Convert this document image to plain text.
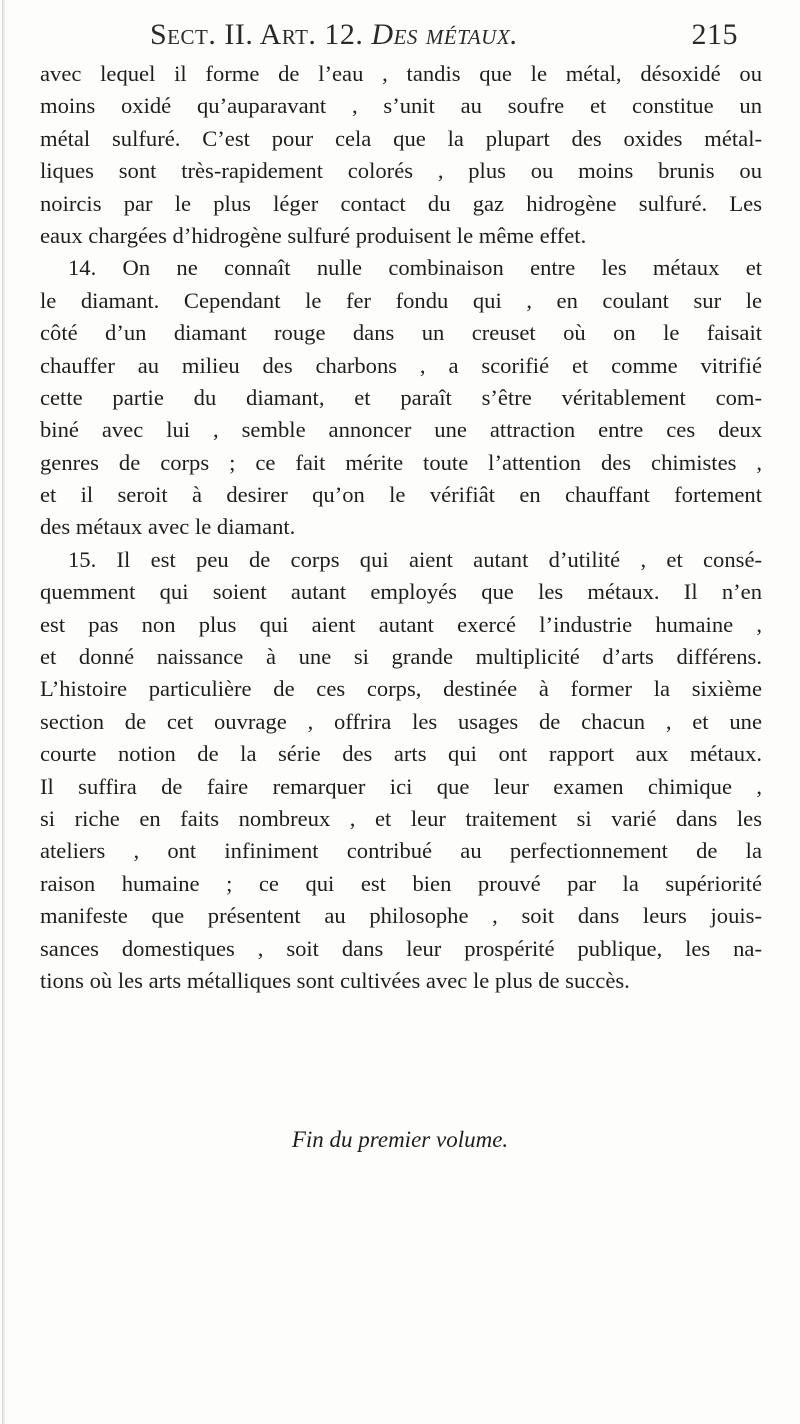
Sect. II. Art. 12. Des métaux.	215
avec lequel il forme de l’eau , tandis que le métal, désoxidé ou
moins oxidé qu’auparavant , s’unit au soufre et constitue un
métal sulfuré. C’est pour cela que la plupart des oxides métal-
liques sont très-rapidement colorés , plus ou moins brunis ou
noircis par le plus léger contact du gaz hidrogène sulfuré. Les
eaux chargées d’hidrogène sulfuré produisent le même effet.
14. On ne connaît nulle combinaison entre les métaux et
le diamant. Cependant le fer fondu qui , en coulant sur le
côté d’un diamant rouge dans un creuset où on le faisait
chauffer au milieu des charbons , a scorifié et comme vitrifié
cette partie du diamant, et paraît s’être véritablement com-
biné avec lui , semble annoncer une attraction entre ces deux
genres de corps ; ce fait mérite toute l’attention des chimistes ,
et il seroit à desirer qu’on le vérifiât en chauffant fortement
des métaux avec le diamant.
15. Il est peu de corps qui aient autant d’utilité , et consé-
quemment qui soient autant employés que les métaux. Il n’en
est pas non plus qui aient autant exercé l’industrie humaine ,
et donné naissance à une si grande multiplicité d’arts différens.
L’histoire particulière de ces corps, destinée à former la sixième
section de cet ouvrage , offrira les usages de chacun , et une
courte notion de la série des arts qui ont rapport aux métaux.
Il suffira de faire remarquer ici que leur examen chimique ,
si riche en faits nombreux , et leur traitement si varié dans les
ateliers , ont infiniment contribué au perfectionnement de la
raison humaine ; ce qui est bien prouvé par la supériorité
manifeste que présentent au philosophe , soit dans leurs jouis-
sances domestiques , soit dans leur prospérité publique, les na-
tions où les arts métalliques sont cultivées avec le plus de succès.
Fin du premier volume.
